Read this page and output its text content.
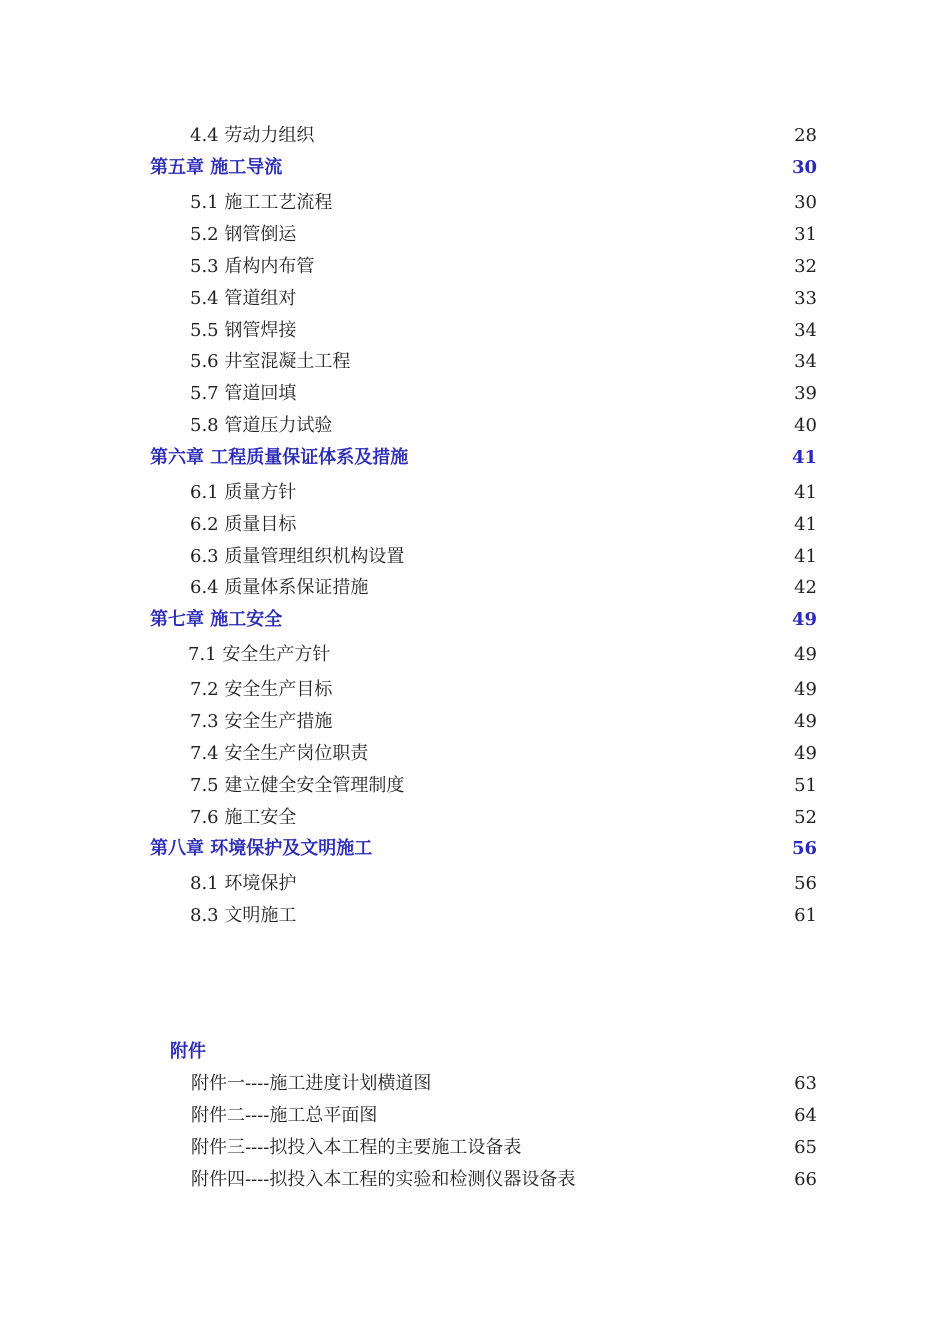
4.4 劳动力组织	28
第五章 施工导流	30
5.1 施工工艺流程	30
5.2 钢管倒运	31
5.3 盾构内布管	32
5.4 管道组对	33
5.5 钢管焊接	34
5.6 井室混凝土工程	34
5.7 管道回填	39
5.8 管道压力试验	40
第六章 工程质量保证体系及措施	41
6.1 质量方针	41
6.2 质量目标	41
6.3 质量管理组织机构设置	41
6.4 质量体系保证措施	42
第七章 施工安全	49
7.1 安全生产方针	49
7.2 安全生产目标	49
7.3 安全生产措施	49
7.4 安全生产岗位职责	49
7.5 建立健全安全管理制度	51
7.6 施工安全	52
第八章 环境保护及文明施工	56
8.1 环境保护	56
8.3 文明施工	61
附件
附件一----施工进度计划横道图	63
附件二----施工总平面图	64
附件三----拟投入本工程的主要施工设备表	65
附件四----拟投入本工程的实验和检测仪器设备表	66
